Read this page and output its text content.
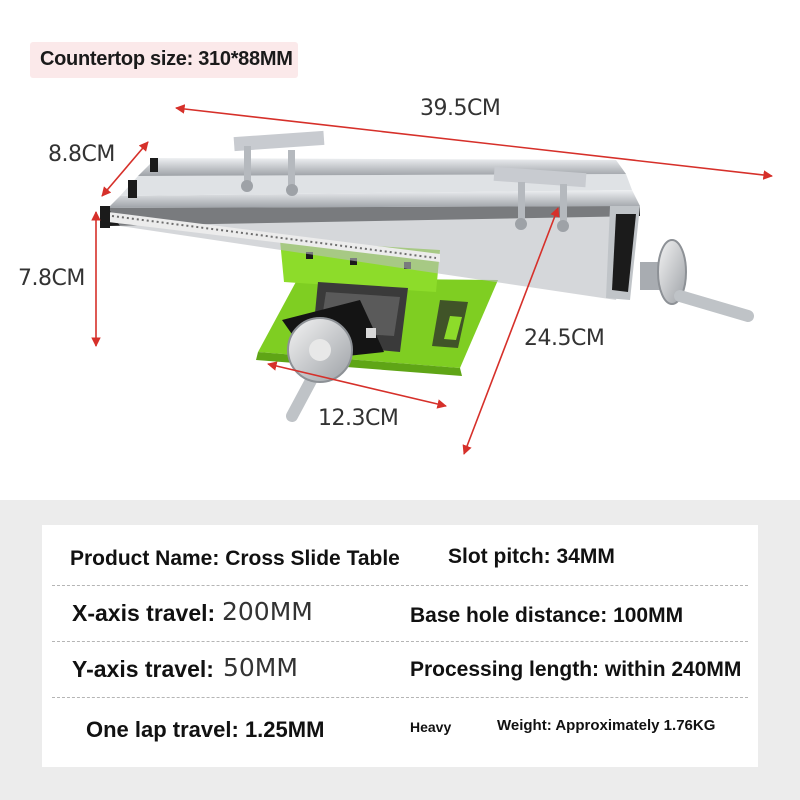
Countertop size: 310*88MM
39.5CM
8.8CM
7.8CM
24.5CM
12.3CM
Product Name: Cross Slide Table Slot pitch: 34MM
X-axis travel: 200MM	Base hole distance: 100MM
Y-axis travel: 50MM	Processing length: within 240MM
One lap travel: 1.25MM	Heavy	Weight: Approximately 1.76KG
